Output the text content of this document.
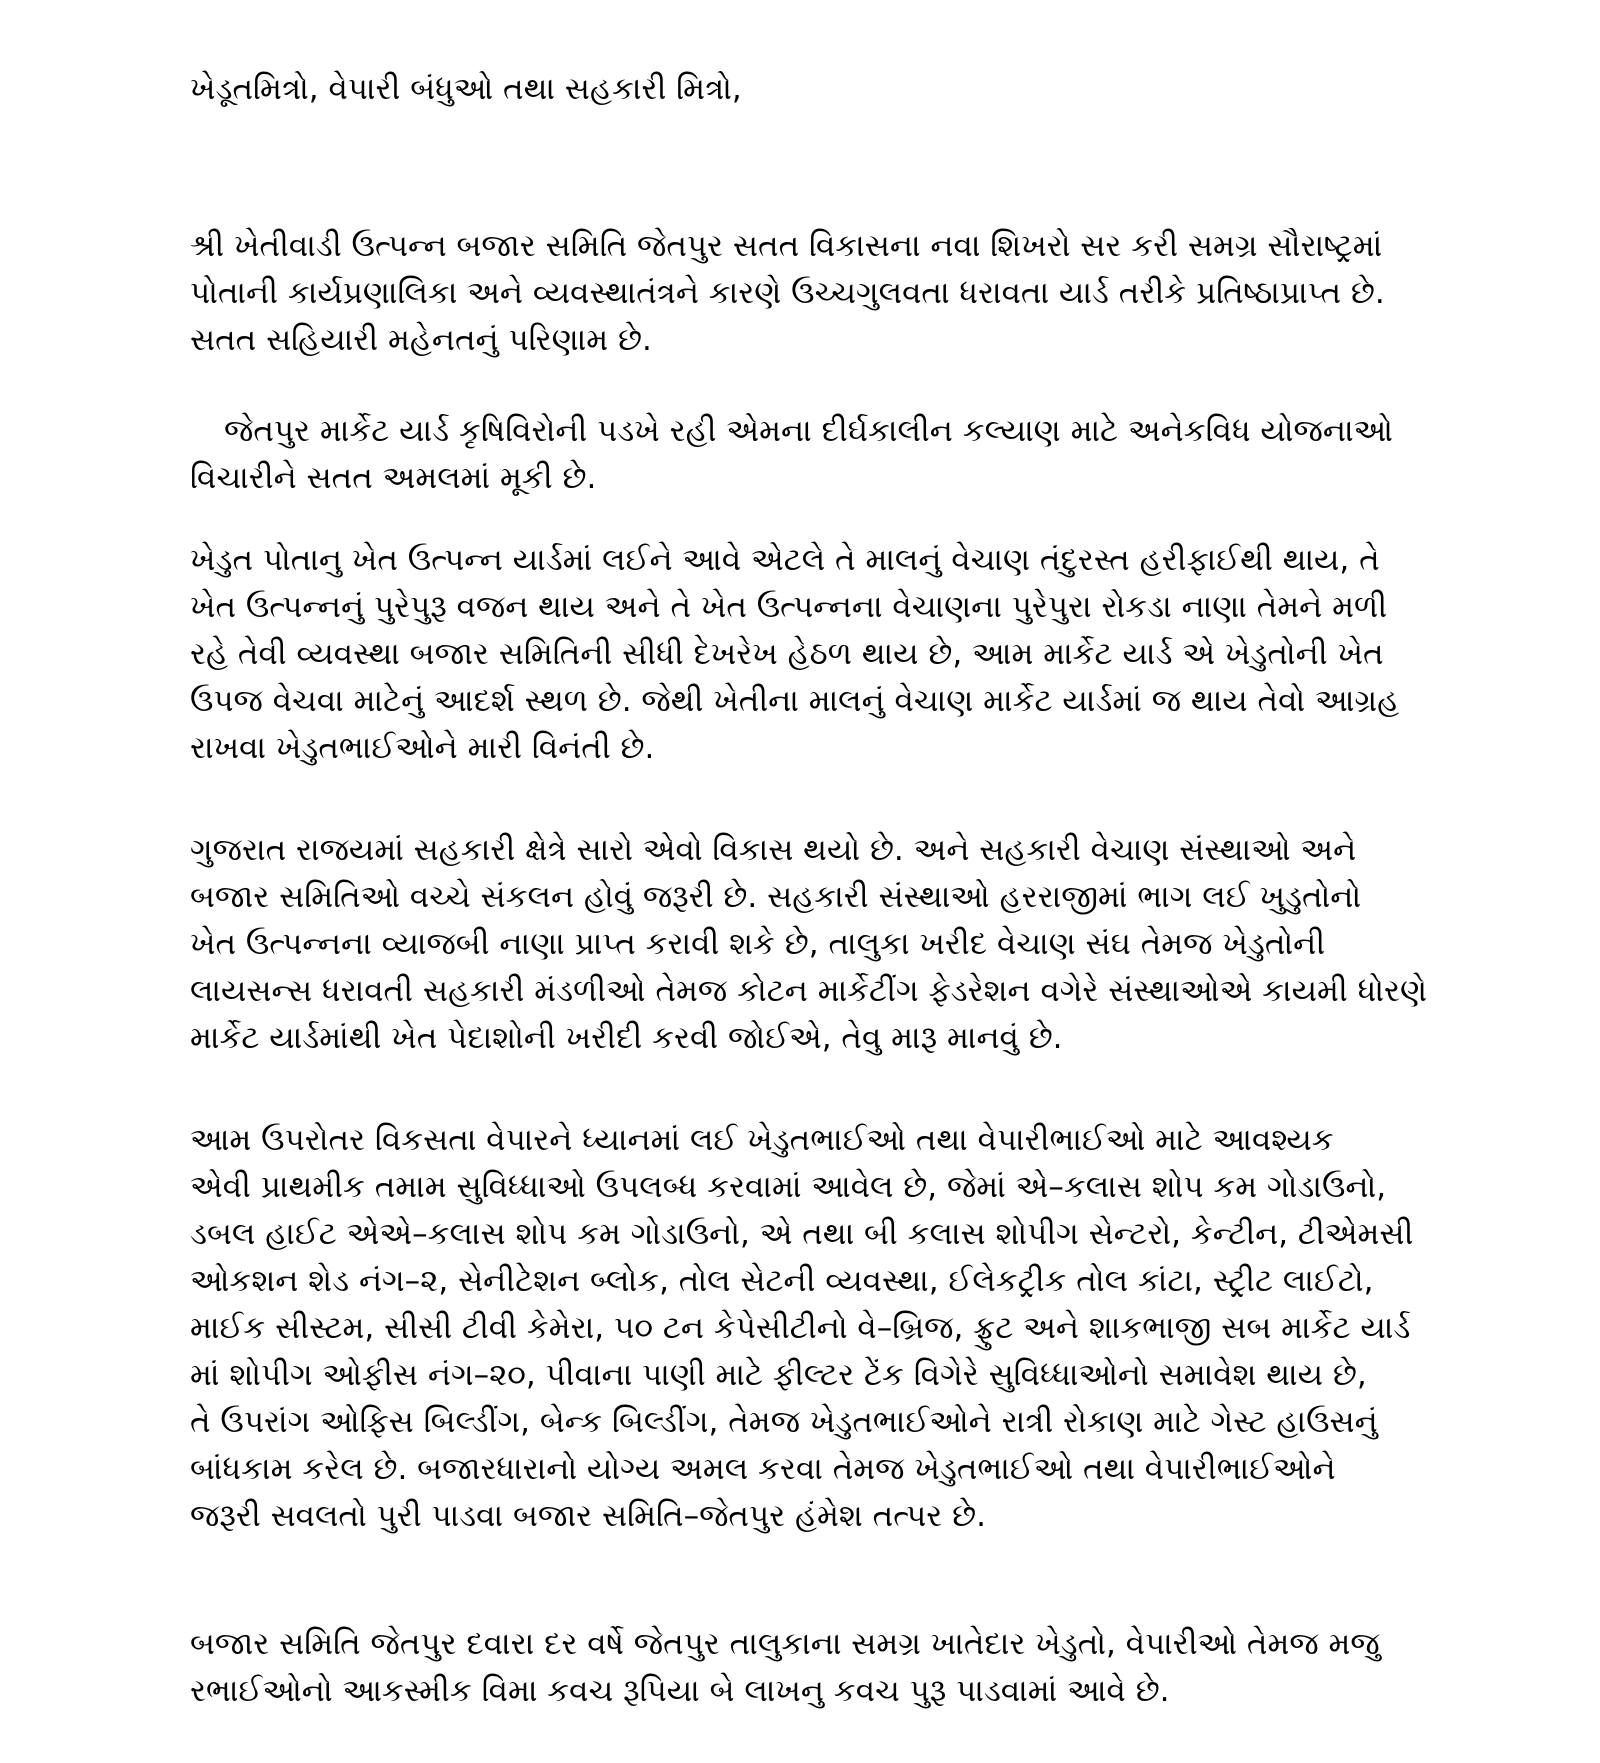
ખેડૂતમિત્રો, વેપારી બંધુઓ તથા સહકારી મિત્રો,

શ્રી ખેતીવાડી ઉત્પન્ન બજાર સમિતિ જેતપુર સતત વિકાસના નવા શિખરો સર કરી સમગ્ર સૌરાષ્ટ્રમાં
પોતાની કાર્યપ્રણાલિકા અને વ્યવસ્થાતંત્રને કારણે ઉચ્ચગુલવતા ધરાવતા યાર્ડ તરીકે પ્રતિષ્ઠાપ્રાપ્ત છે.
સતત સહિયારી મહેનતનું પરિણામ છે.

જેતપુર માર્કેટ યાર્ડ કૃષિવિરોની પડખે રહી એમના દીર્ઘકાલીન કલ્યાણ માટે અનેકવિધ યોજનાઓ
વિચારીને સતત અમલમાં મૂકી છે.

ખેડુત પોતાનુ ખેત ઉત્પન્ન યાર્ડમાં લઈને આવે એટલે તે માલનું વેચાણ તંદુરસ્ત હરીફાઈથી થાય, તે
ખેત ઉત્પન્નનું પુરેપુરૂ વજન થાય અને તે ખેત ઉત્પન્નના વેચાણના પુરેપુરા રોકડા નાણા તેમને મળી
રહે તેવી વ્યવસ્થા બજાર સમિતિની સીધી દેખરેખ હેઠળ થાય છે, આમ માર્કેટ યાર્ડ એ ખેડુતોની ખેત
ઉપજ વેચવા માટેનું આદર્શ સ્થળ છે. જેથી ખેતીના માલનું વેચાણ માર્કેટ યાર્ડમાં જ થાય તેવો આગ્રહ
રાખવા ખેડુતભાઈઓને મારી વિનંતી છે.

ગુજરાત રાજયમાં સહકારી ક્ષેત્રે સારો એવો વિકાસ થયો છે. અને સહકારી વેચાણ સંસ્થાઓ અને
બજાર સમિતિઓ વચ્ચે સંકલન હોવું જરૂરી છે. સહકારી સંસ્થાઓ હરરાજીમાં ભાગ લઈ ખુડુતોનો
ખેત ઉત્પન્નના વ્યાજબી નાણા પ્રાપ્ત કરાવી શકે છે, તાલુકા ખરીદ વેચાણ સંઘ તેમજ ખેડુતોની
લાયસન્સ ધરાવતી સહકારી મંડળીઓ તેમજ કોટન માર્કેટીંગ ફેડરેશન વગેરે સંસ્થાઓએ કાયમી ધોરણે
માર્કેટ યાર્ડમાંથી ખેત પેદાશોની ખરીદી કરવી જોઈએ, તેવુ મારૂ માનવું છે.

આમ ઉપરોતર વિકસતા વેપારને ધ્યાનમાં લઈ ખેડુતભાઈઓ તથા વેપારીભાઈઓ માટે આવશ્યક
એવી પ્રાથમીક તમામ સુવિધ્ધાઓ ઉપલબ્ધ કરવામાં આવેલ છે, જેમાં એ–કલાસ શોપ કમ ગોડાઉનો,
ડબલ હાઈટ એએ–કલાસ શોપ કમ ગોડાઉનો, એ તથા બી કલાસ શોપીગ સેન્ટરો, કેન્ટીન, ટીએમસી
ઓકશન શેડ નંગ–૨, સેનીટેશન બ્લોક, તોલ સેટની વ્યવસ્થા, ઈલેકટ્રીક તોલ કાંટા, સ્ટ્રીટ લાઈટો,
માઈક સીસ્ટમ, સીસી ટીવી કેમેરા, ૫૦ ટન કેપેસીટીનો વે–બ્રિજ, ફ્રુટ અને શાકભાજી સબ માર્કેટ યાર્ડ
માં શોપીગ ઓફીસ નંગ–૨૦, પીવાના પાણી માટે ફીલ્ટર ટેંક વિગેરે સુવિધ્ધાઓનો સમાવેશ થાય છે,
તે ઉપરાંગ ઓફિસ બિલ્ડીંગ, બેન્ક બિલ્ડીંગ, તેમજ ખેડુતભાઈઓને રાત્રી રોકાણ માટે ગેસ્ટ હાઉસનું
બાંધકામ કરેલ છે. બજારધારાનો યોગ્ય અમલ કરવા તેમજ ખેડુતભાઈઓ તથા વેપારીભાઈઓને
જરૂરી સવલતો પુરી પાડવા બજાર સમિતિ–જેતપુર હંમેશ તત્પર છે.

બજાર સમિતિ જેતપુર દવારા દર વર્ષે જેતપુર તાલુકાના સમગ્ર ખાતેદાર ખેડુતો, વેપારીઓ તેમજ મજુ
રભાઈઓનો આકસ્મીક વિમા કવચ રૂપિયા બે લાખનુ કવચ પુરૂ પાડવામાં આવે છે.
